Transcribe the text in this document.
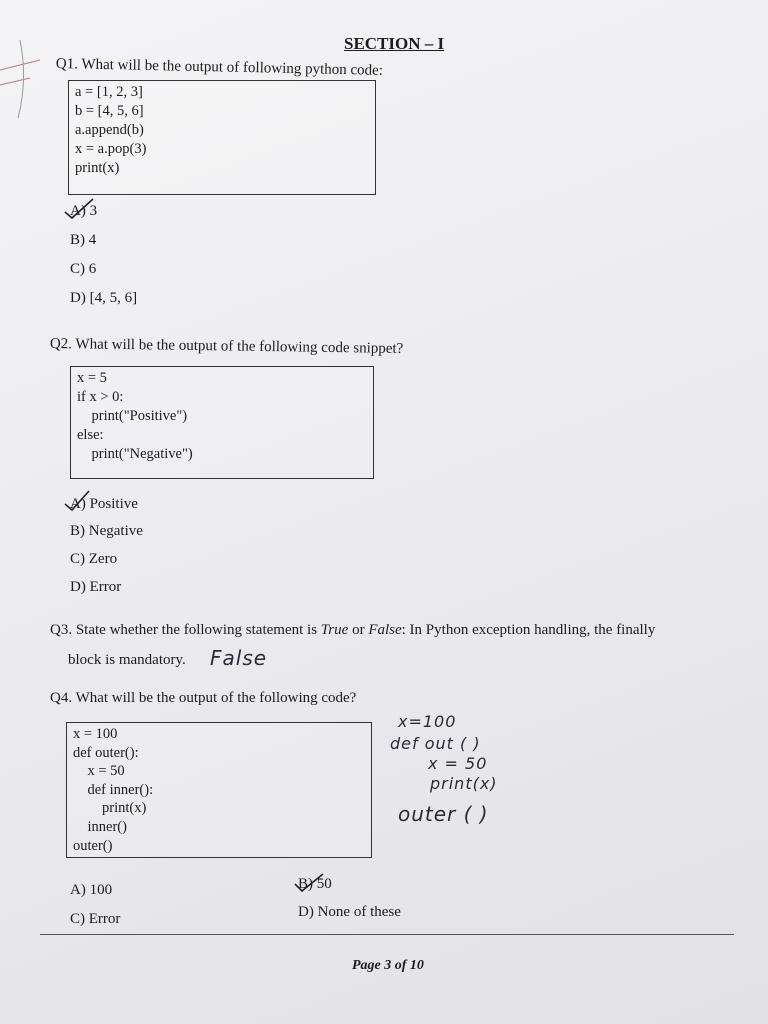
SECTION – I
Q1. What will be the output of following python code:
a = [1, 2, 3]
b = [4, 5, 6]
a.append(b)
x = a.pop(3)
print(x)
A) 3
B) 4
C) 6
D) [4, 5, 6]
Q2. What will be the output of the following code snippet?
x = 5
if x > 0:
print("Positive")
else:
print("Negative")
A) Positive
B) Negative
C) Zero
D) Error
Q3. State whether the following statement is True or False: In Python exception handling, the finally
block is mandatory. False
Q4. What will be the output of the following code?
x = 100
def outer():
x = 50
def inner():
print(x)
inner()
outer()
x=100
def out ( )
x = 50
print(x)
outer ( )
A) 100	B) 50
C) Error	D) None of these
Page 3 of 10
